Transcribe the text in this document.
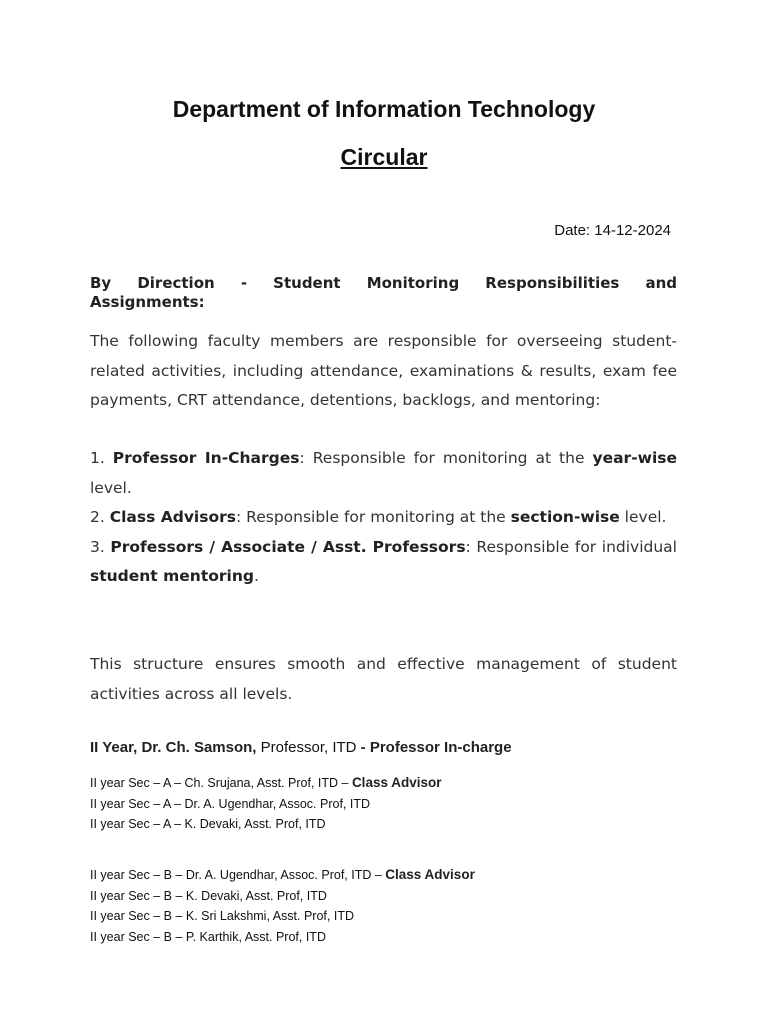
Department of Information Technology
Circular
Date: 14-12-2024
By Direction - Student Monitoring Responsibilities and
Assignments:
The following faculty members are responsible for overseeing student-related activities, including attendance, examinations & results, exam fee payments, CRT attendance, detentions, backlogs, and mentoring:

1. Professor In-Charges: Responsible for monitoring at the year-wise level.

2. Class Advisors: Responsible for monitoring at the section-wise level.

3. Professors / Associate / Asst. Professors: Responsible for individual student mentoring.

This structure ensures smooth and effective management of student activities across all levels.
II Year, Dr. Ch. Samson, Professor, ITD - Professor In-charge
II year Sec – A – Ch. Srujana, Asst. Prof, ITD – Class Advisor
II year Sec – A – Dr. A. Ugendhar, Assoc. Prof, ITD
II year Sec – A – K. Devaki, Asst. Prof, ITD
II year Sec – B – Dr. A. Ugendhar, Assoc. Prof, ITD – Class Advisor
II year Sec – B – K. Devaki, Asst. Prof, ITD
II year Sec – B – K. Sri Lakshmi, Asst. Prof, ITD
II year Sec – B – P. Karthik, Asst. Prof, ITD
